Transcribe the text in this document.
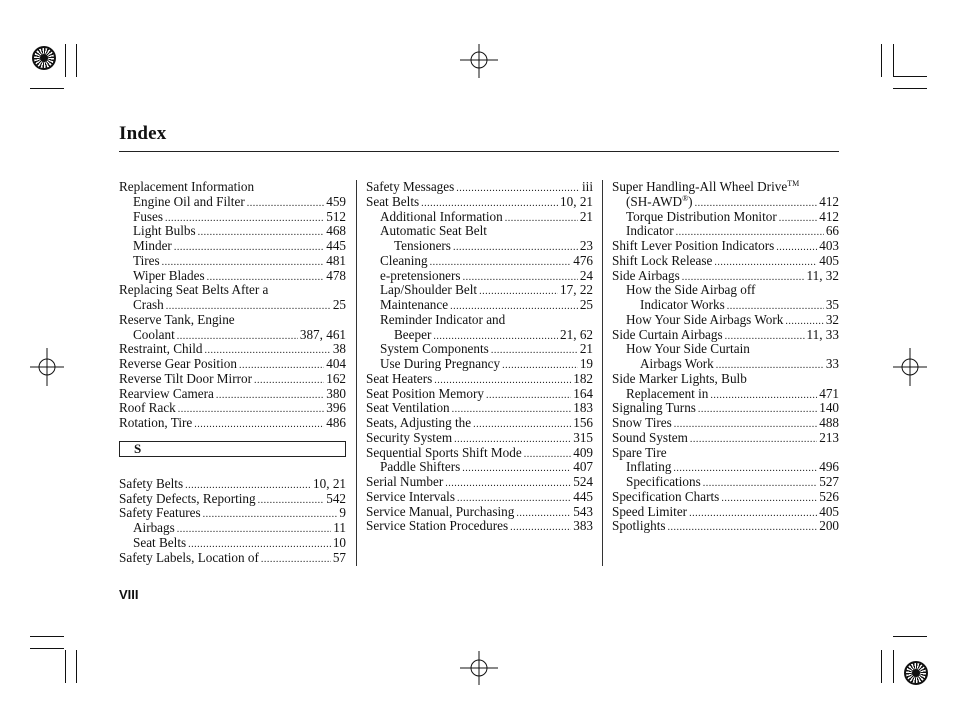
Index
Replacement Information
Engine Oil and Filter .....	459
Fuses .....	512
Light Bulbs .....	468
Minder .....	445
Tires .....	481
Wiper Blades .....	478
Replacing Seat Belts After a
Crash .....	25
Reserve Tank, Engine
Coolant .....	387, 461
Restraint, Child .....	38
Reverse Gear Position .....	404
Reverse Tilt Door Mirror .....	162
Rearview Camera .....	380
Roof Rack .....	396
Rotation, Tire .....	486
S
Safety Belts .....	10, 21
Safety Defects, Reporting .....	542
Safety Features .....	9
Airbags .....	11
Seat Belts .....	10
Safety Labels, Location of .....	57
Safety Messages .....	iii
Seat Belts .....	10, 21
Additional Information .....	21
Automatic Seat Belt
Tensioners .....	23
Cleaning .....	476
e-pretensioners .....	24
Lap/Shoulder Belt .....	17, 22
Maintenance .....	25
Reminder Indicator and
Beeper .....	21, 62
System Components .....	21
Use During Pregnancy .....	19
Seat Heaters .....	182
Seat Position Memory .....	164
Seat Ventilation .....	183
Seats, Adjusting the .....	156
Security System .....	315
Sequential Sports Shift Mode .....	409
Paddle Shifters .....	407
Serial Number .....	524
Service Intervals .....	445
Service Manual, Purchasing .....	543
Service Station Procedures .....	383
Super Handling-All Wheel Drive™
(SH-AWD®) .....	412
Torque Distribution Monitor .....	412
Indicator .....	66
Shift Lever Position Indicators .....	403
Shift Lock Release .....	405
Side Airbags .....	11, 32
How the Side Airbag off
Indicator Works .....	35
How Your Side Airbags Work .....	32
Side Curtain Airbags .....	11, 33
How Your Side Curtain
Airbags Work .....	33
Side Marker Lights, Bulb
Replacement in .....	471
Signaling Turns .....	140
Snow Tires .....	488
Sound System .....	213
Spare Tire
Inflating .....	496
Specifications .....	527
Specification Charts .....	526
Speed Limiter .....	405
Spotlights .....	200
VIII
